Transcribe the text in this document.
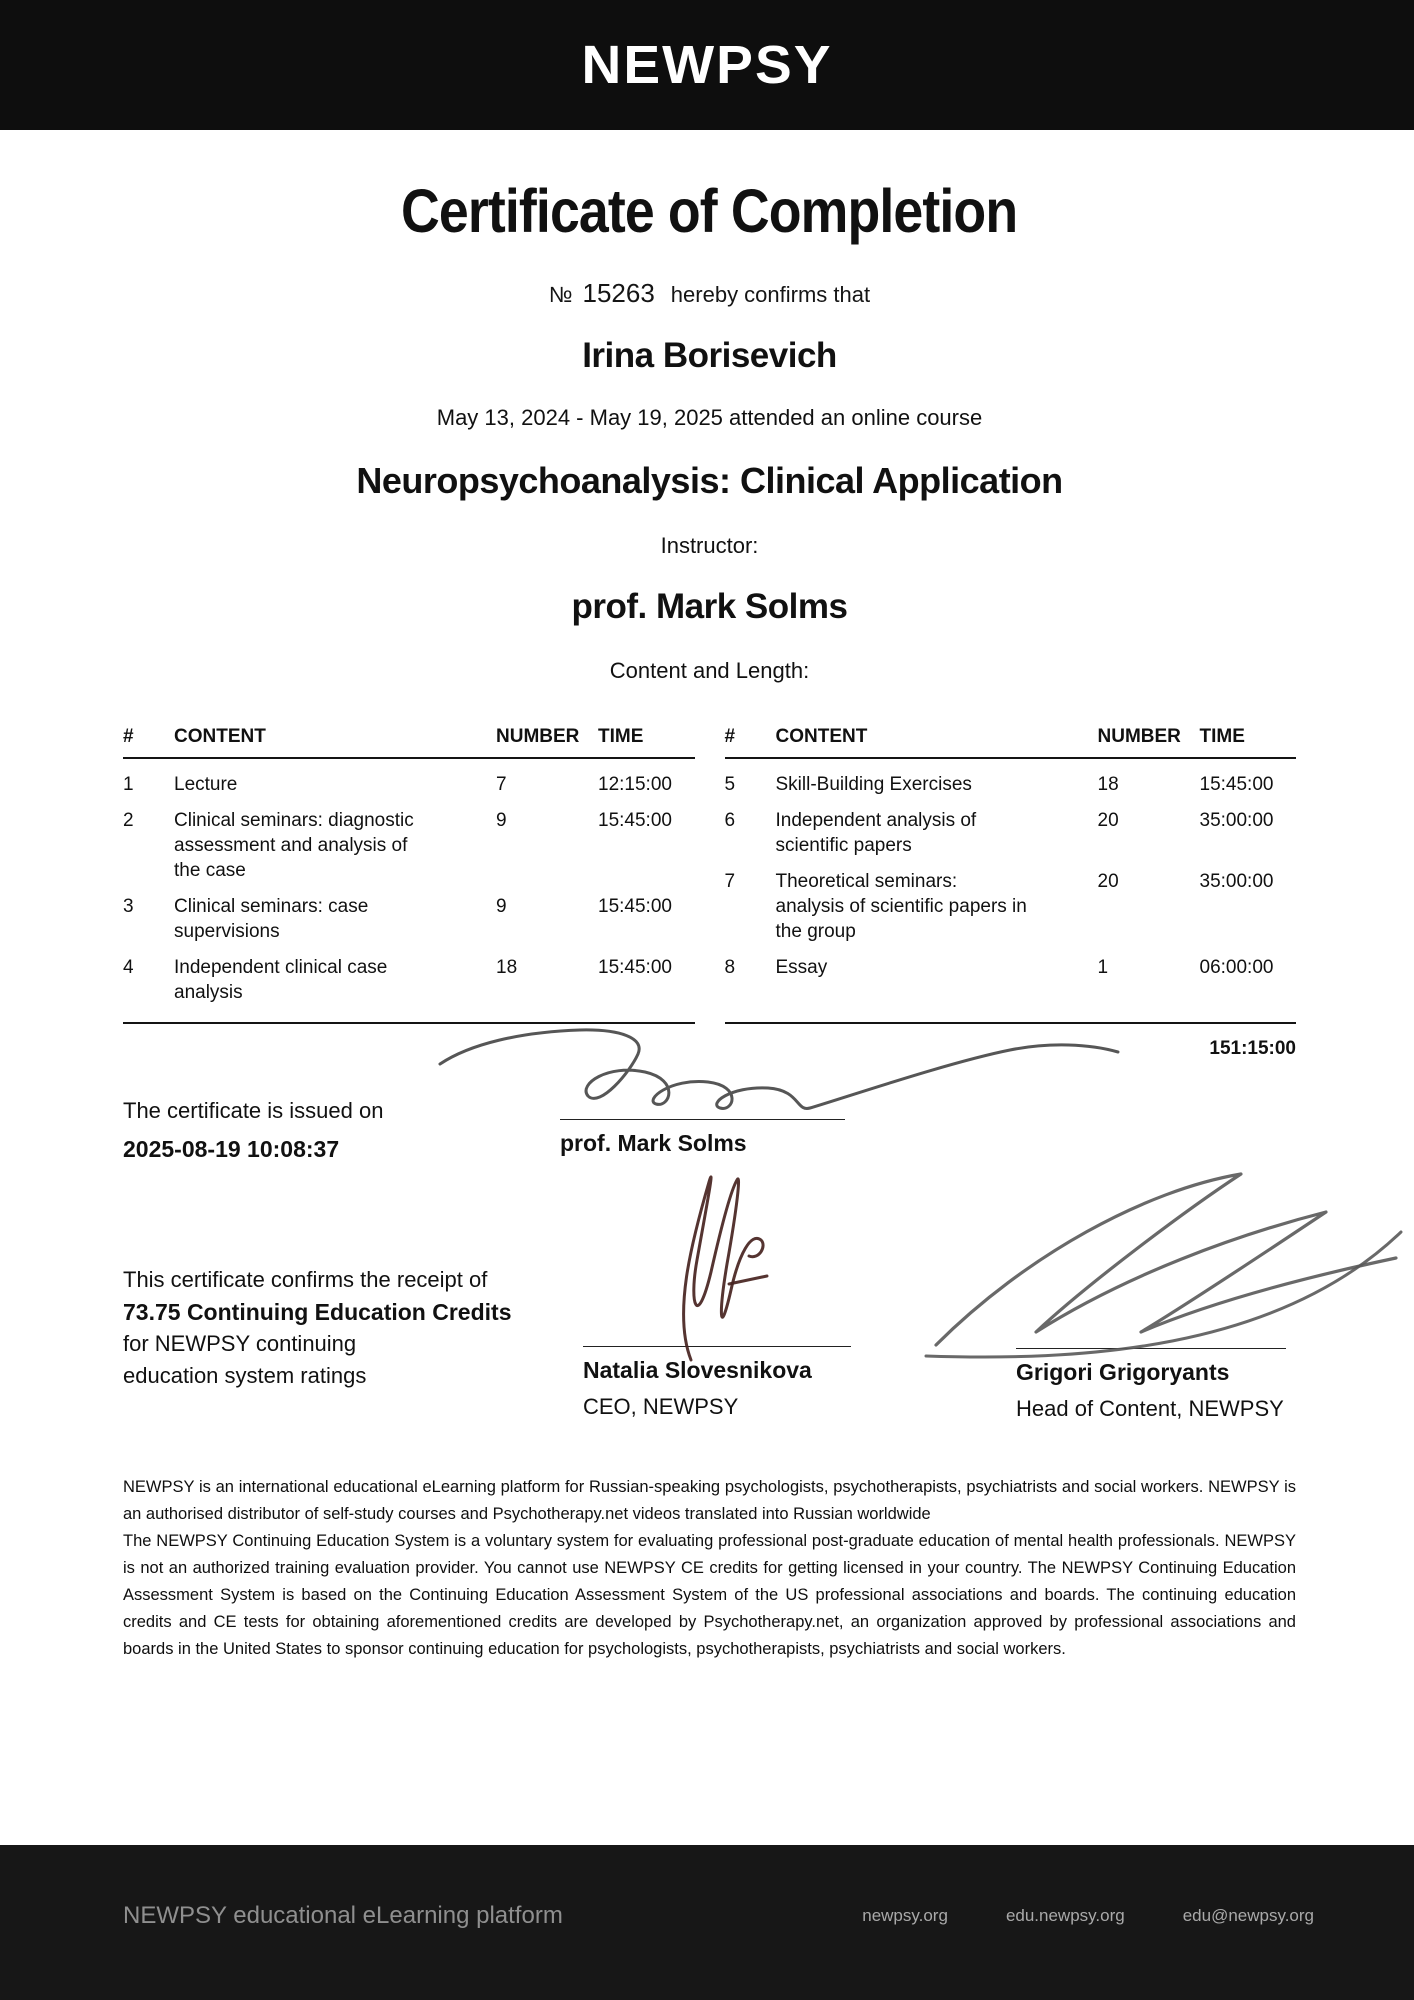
NEWPSY
Certificate of Completion
№ 15263 hereby confirms that
Irina Borisevich
May 13, 2024 - May 19, 2025 attended an online course
Neuropsychoanalysis: Clinical Application
Instructor:
prof. Mark Solms
Content and Length:
#	CONTENT	NUMBER	TIME
1	Lecture	7	12:15:00
2	Clinical seminars: diagnostic assessment and analysis of the case	9	15:45:00
3	Clinical seminars: case supervisions	9	15:45:00
4	Independent clinical case analysis	18	15:45:00
#	CONTENT	NUMBER	TIME
5	Skill-Building Exercises	18	15:45:00
6	Independent analysis of scientific papers	20	35:00:00
7	Theoretical seminars: analysis of scientific papers in the group	20	35:00:00
8	Essay	1	06:00:00
151:15:00
The certificate is issued on
2025-08-19 10:08:37	prof. Mark Solms
This certificate confirms the receipt of
73.75 Continuing Education Credits
for NEWPSY continuing
education system ratings	Natalia Slovesnikova
CEO, NEWPSY
Grigori Grigoryants
Head of Content, NEWPSY

NEWPSY is an international educational eLearning platform for Russian-speaking psychologists, psychotherapists, psychiatrists and social workers. NEWPSY is an authorised distributor of self-study courses and Psychotherapy.net videos translated into Russian worldwide

The NEWPSY Continuing Education System is a voluntary system for evaluating professional post-graduate education of mental health professionals. NEWPSY is not an authorized training evaluation provider. You cannot use NEWPSY CE credits for getting licensed in your country. The NEWPSY Continuing Education Assessment System is based on the Continuing Education Assessment System of the US professional associations and boards. The continuing education credits and CE tests for obtaining aforementioned credits are developed by Psychotherapy.net, an organization approved by professional associations and boards in the United States to sponsor continuing education for psychologists, psychotherapists, psychiatrists and social workers.

NEWPSY educational eLearning platform	newpsy.org	edu.newpsy.org	edu@newpsy.org
